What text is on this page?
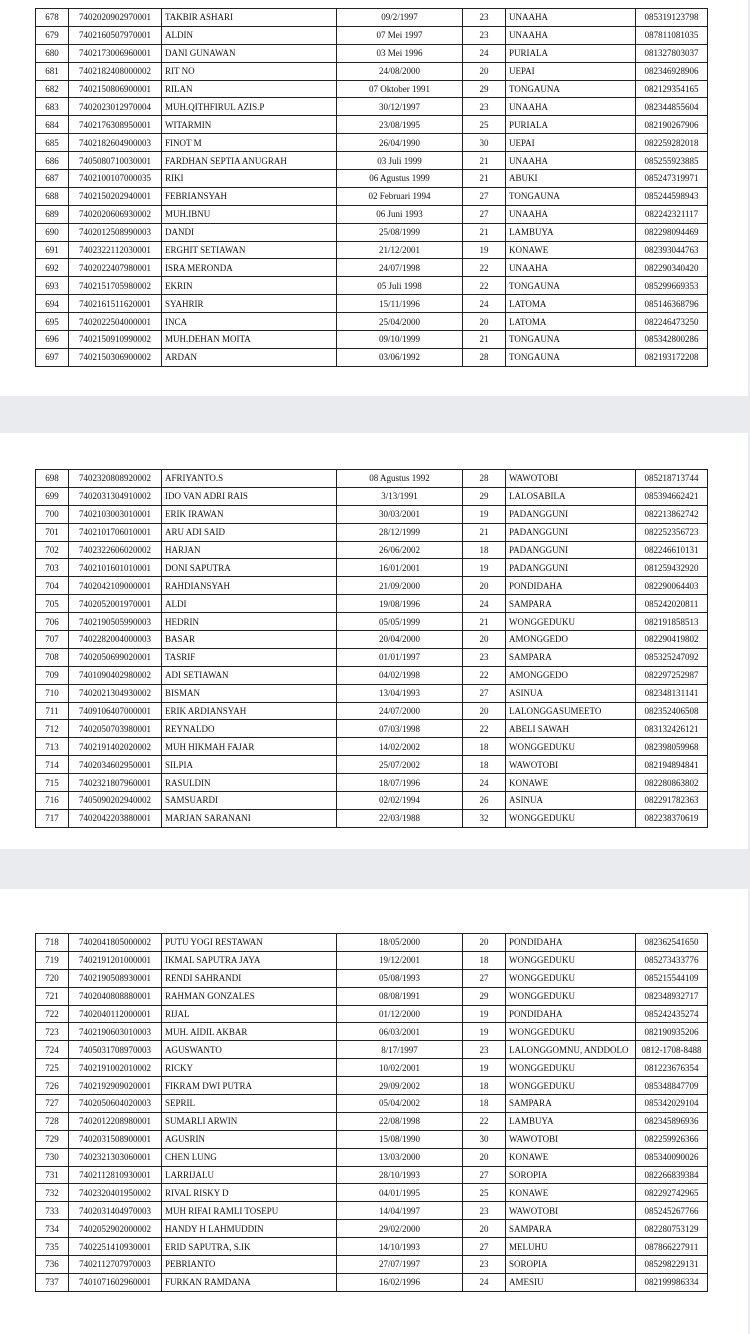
678	7402020902970001	TAKBIR ASHARI	09/2/1997	23	UNAAHA	085319123798
679	7402160507970001	ALDIN	07 Mei 1997	23	UNAAHA	087811081035
680	7402173006960001	DANI GUNAWAN	03 Mei 1996	24	PURIALA	081327803037
681	7402182408000002	RIT NO	24/08/2000	20	UEPAI	082346928906
682	7402150806900001	RILAN	07 Oktober 1991	29	TONGAUNA	082129354165
683	7402023012970004	MUH.QITHFIRUL AZIS.P	30/12/1997	23	UNAAHA	082344855604
684	7402176308950001	WITARMIN	23/08/1995	25	PURIALA	082190267906
685	7402182604900003	FINOT M	26/04/1990	30	UEPAI	082259282018
686	7405080710030001	FARDHAN SEPTIA ANUGRAH	03 Juli 1999	21	UNAAHA	085255923885
687	7402100107000035	RIKI	06 Agustus 1999	21	ABUKI	085247319971
688	7402150202940001	FEBRIANSYAH	02 Februari 1994	27	TONGAUNA	085244598943
689	7402020606930002	MUH.IBNU	06 Juni 1993	27	UNAAHA	082242321117
690	7402012508990003	DANDI	25/08/1999	21	LAMBUYA	082298094469
691	7402322112030001	ERGHIT SETIAWAN	21/12/2001	19	KONAWE	082393044763
692	7402022407980001	ISRA MERONDA	24/07/1998	22	UNAAHA	082290340420
693	7402151705980002	EKRIN	05 Juli 1998	22	TONGAUNA	085299669353
694	7402161511620001	SYAHRIR	15/11/1996	24	LATOMA	085146368796
695	7402022504000001	INCA	25/04/2000	20	LATOMA	082246473250
696	7402150910990002	MUH.DEHAN MOITA	09/10/1999	21	TONGAUNA	085342800286
697	7402150306900002	ARDAN	03/06/1992	28	TONGAUNA	082193172208
698	7402320808920002	AFRIYANTO.S	08 Agustus 1992	28	WAWOTOBI	085218713744
699	7402031304910002	IDO VAN ADRI RAIS	3/13/1991	29	LALOSABILA	085394662421
700	7402103003010001	ERIK IRAWAN	30/03/2001	19	PADANGGUNI	082213862742
701	7402101706010001	ARU ADI SAID	28/12/1999	21	PADANGGUNI	082252356723
702	7402322606020002	HARJAN	26/06/2002	18	PADANGGUNI	082246610131
703	7402101601010001	DONI SAPUTRA	16/01/2001	19	PADANGGUNI	081259432920
704	7402042109000001	RAHDIANSYAH	21/09/2000	20	PONDIDAHA	082290064403
705	7402052001970001	ALDI	19/08/1996	24	SAMPARA	085242020811
706	7402190505990003	HEDRIN	05/05/1999	21	WONGGEDUKU	082191858513
707	7402282004000003	BASAR	20/04/2000	20	AMONGGEDO	082290419802
708	7402050699020001	TASRIF	01/01/1997	23	SAMPARA	085325247092
709	7401090402980002	ADI SETIAWAN	04/02/1998	22	AMONGGEDO	082297252987
710	7402021304930002	BISMAN	13/04/1993	27	ASINUA	082348131141
711	7409106407000001	ERIK ARDIANSYAH	24/07/2000	20	LALONGGASUMEETO	082352406508
712	7402050703980001	REYNALDO	07/03/1998	22	ABELI SAWAH	083132426121
713	7402191402020002	MUH HIKMAH FAJAR	14/02/2002	18	WONGGEDUKU	082398059968
714	7402034602950001	SILPIA	25/07/2002	18	WAWOTOBI	082194894841
715	7402321807960001	RASULDIN	18/07/1996	24	KONAWE	082280863802
716	7405090202940002	SAMSUARDI	02/02/1994	26	ASINUA	082291782363
717	7402042203880001	MARJAN SARANANI	22/03/1988	32	WONGGEDUKU	082238370619
718	7402041805000002	PUTU YOGI RESTAWAN	18/05/2000	20	PONDIDAHA	082362541650
719	7402191201000001	IKMAL SAPUTRA JAYA	19/12/2001	18	WONGGEDUKU	085273433776
720	7402190508930001	RENDI SAHRANDI	05/08/1993	27	WONGGEDUKU	085215544109
721	7402040808880001	RAHMAN GONZALES	08/08/1991	29	WONGGEDUKU	082348932717
722	7402040112000001	RIJAL	01/12/2000	19	PONDIDAHA	085242435274
723	7402190603010003	MUH. AIDIL AKBAR	06/03/2001	19	WONGGEDUKU	082190935206
724	7405031708970003	AGUSWANTO	8/17/1997	23	LALONGGOMNU, ANDDOLO	0812-1708-8488
725	7402191002010002	RICKY	10/02/2001	19	WONGGEDUKU	081223676354
726	7402192909020001	FIKRAM DWI PUTRA	29/09/2002	18	WONGGEDUKU	085348847709
727	7402050604020003	SEPRIL	05/04/2002	18	SAMPARA	085342029104
728	7402012208980001	SUMARLI ARWIN	22/08/1998	22	LAMBUYA	082345896936
729	7402031508900001	AGUSRIN	15/08/1990	30	WAWOTOBI	082259926366
730	7402321303060001	CHEN LUNG	13/03/2000	20	KONAWE	085340090026
731	7402112810930001	LARRIJALU	28/10/1993	27	SOROPIA	082266839384
732	7402320401950002	RIVAL RISKY D	04/01/1995	25	KONAWE	082292742965
733	7402031404970003	MUH RIFAI RAMLI TOSEPU	14/04/1997	23	WAWOTOBI	085245267766
734	7402052902000002	HANDY H LAHMUDDIN	29/02/2000	20	SAMPARA	082280753129
735	7402251410930001	ERID SAPUTRA, S.IK	14/10/1993	27	MELUHU	087866227911
736	7402112707970003	PEBRIANTO	27/07/1997	23	SOROPIA	085298229131
737	7401071602960001	FURKAN RAMDANA	16/02/1996	24	AMESIU	082199986334
